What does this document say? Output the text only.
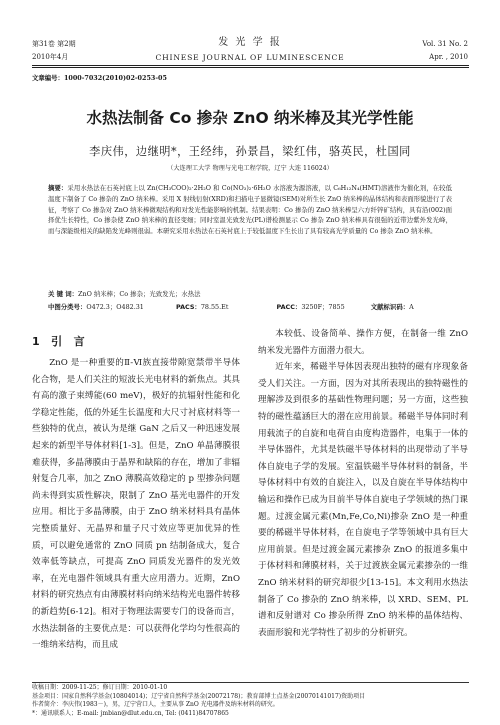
第31卷 第2期	发 光 学 报	Vol. 31 No. 2
2010年4月	CHINESE JOURNAL OF LUMINESCENCE	Apr. , 2010
文章编号：1000-7032(2010)02-0253-05
水热法制备 Co 掺杂 ZnO 纳米棒及其光学性能
李庆伟，边继明*，王经纬，孙景昌，梁红伟，骆英民，杜国同
（大连理工大学 物理与光电工程学院，辽宁 大连 116024）
摘要：采用水热法在石英衬底上以 Zn(CH₃COO)₂·2H₂O 和 Co(NO₃)₂·6H₂O 水溶液为源溶液，以 C₆H₁₂N₄(HMT)溶液作为催化剂，在较低温度下制备了 Co 掺杂的 ZnO 纳米棒。采用 X 射线衍射(XRD)和扫描电子显微镜(SEM)对所生长 ZnO 纳米棒的晶体结构和表面形貌进行了表征，考察了 Co 掺杂对 ZnO 纳米棒微观结构和对发光性能影响的机制。结果表明：Co 掺杂的 ZnO 纳米棒呈六方纤锌矿结构，具有沿(002)面择优生长特性，Co 掺杂使 ZnO 纳米棒的直径变细；同时室温光致发光(PL)谱检测显示 Co 掺杂 ZnO 纳米棒具有很强的近带边紫外发光峰，而与深能级相关的缺陷发光峰则很弱。本研究采用水热法在石英衬底上于较低温度下生长出了具有较高光学质量的 Co 掺杂 ZnO 纳米棒。
关 键 词：ZnO 纳米棒；Co 掺杂；光致发光；水热法
中图分类号：O472.3；O482.31	PACS：78.55.Et	PACC：3250F；7855	文献标识码：A
1   引   言

ZnO 是一种重要的Ⅱ-Ⅵ族直接带隙宽禁带半导体化合物，是人们关注的短波长光电材料的新焦点。其具有高的激子束缚能(60 meV)，极好的抗辐射性能和化学稳定性能，低的外延生长温度和大尺寸衬底材料等一些独特的优点，被认为是继 GaN 之后又一种迅速发展起来的新型半导体材料[1-3]。但是，ZnO 单晶薄膜很难获得，多晶薄膜由于晶界和缺陷的存在，增加了非辐射复合几率，加之 ZnO 薄膜高效稳定的 p 型掺杂问题尚未得到实质性解决，限制了 ZnO 基光电器件的开发应用。相比于多晶薄膜，由于 ZnO 纳米材料具有晶体完整质量好、无晶界和量子尺寸效应等更加优异的性质，可以避免通常的 ZnO 同质 pn 结制备成大，复合效率低等缺点，可提高 ZnO 同质发光器件的发光效率，在光电器件领域具有重大应用潜力。近期，ZnO 材料的研究热点有由薄膜材料向纳米结构光电器件转移的新趋势[6-12]。相对于物理法需要专门的设备而言，水热法制备的主要优点是：可以获得化学均匀性很高的一维纳米结构，而且成

本较低、设备简单、操作方便，在制备一维 ZnO 纳米发光器件方面潜力很大。

近年来，稀磁半导体因表现出独特的磁有序现象备受人们关注。一方面，因为对其所表现出的独特磁性的理解涉及到很多的基础性物理问题；另一方面，这些独特的磁性蕴涵巨大的潜在应用前景。稀磁半导体同时利用载流子的自旋和电荷自由度构造器件，电集于一体的半导体器件，尤其是铁磁半导体材料的出现带动了半导体自旋电子学的发展。室温铁磁半导体材料的制备，半导体材料中有效的自旋注入，以及自旋在半导体结构中输运和操作已成为目前半导体自旋电子学领域的热门课题。过渡金属元素(Mn,Fe,Co,Ni)掺杂 ZnO 是一种重要的稀磁半导体材料，在自旋电子学等领域中具有巨大应用前景。但是过渡金属元素掺杂 ZnO 的报道多集中于体材料和薄膜材料，关于过渡族金属元素掺杂的一维 ZnO 纳米材料的研究却很少[13-15]。本文利用水热法制备了 Co 掺杂的 ZnO 纳米棒，以 XRD、SEM、PL 谱和反射谱对 Co 掺杂所得 ZnO 纳米棒的晶体结构、表面形貌和光学特性了初步的分析研究。

收稿日期：2009-11-25；修订日期：2010-01-10
基金项目：国家自然科学基金(10804014)；辽宁省自然科学基金(20072178)；教育部博士点基金(20070141017)资助项目
作者简介：李庆伟(1983－)，男，辽宁营口人，主要从事 ZnO 光电器件及纳米材料的研究。
*：通讯联系人；E-mail: jmbian@dlut.edu.cn, Tel: (0411)84707865
